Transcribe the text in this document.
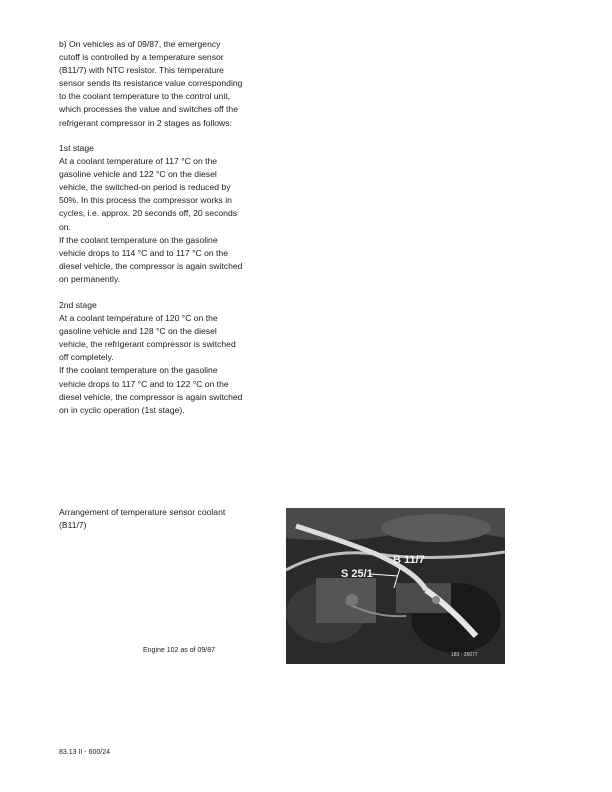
b) On vehicles as of 09/87, the emergency
cutoff is controlled by a temperature sensor
(B11/7) with NTC resistor. This temperature
sensor sends its resistance value corresponding
to the coolant temperature to the control unit,
which processes the value and switches off the
refrigerant compressor in 2 stages as follows:

1st stage
At a coolant temperature of 117 °C on the
gasoline vehicle and 122 °C on the diesel
vehicle, the switched-on period is reduced by
50%. In this process the compressor works in
cycles, i.e. approx. 20 seconds off, 20 seconds
on.
If the coolant temperature on the gasoline
vehicle drops to 114 °C and to 117 °C on the
diesel vehicle, the compressor is again switched
on permanently.

2nd stage
At a coolant temperature of 120 °C on the
gasoline vehicle and 128 °C on the diesel
vehicle, the refrigerant compressor is switched
off completely.
If the coolant temperature on the gasoline
vehicle drops to 117 °C and to 122 °C on the
diesel vehicle, the compressor is again switched
on in cyclic operation (1st stage).

Arrangement of temperature sensor coolant
(B11/7)

S 25/1
B 11/7
183 - 35077
Engine 102 as of 09/87
83.13 II - 600/24
